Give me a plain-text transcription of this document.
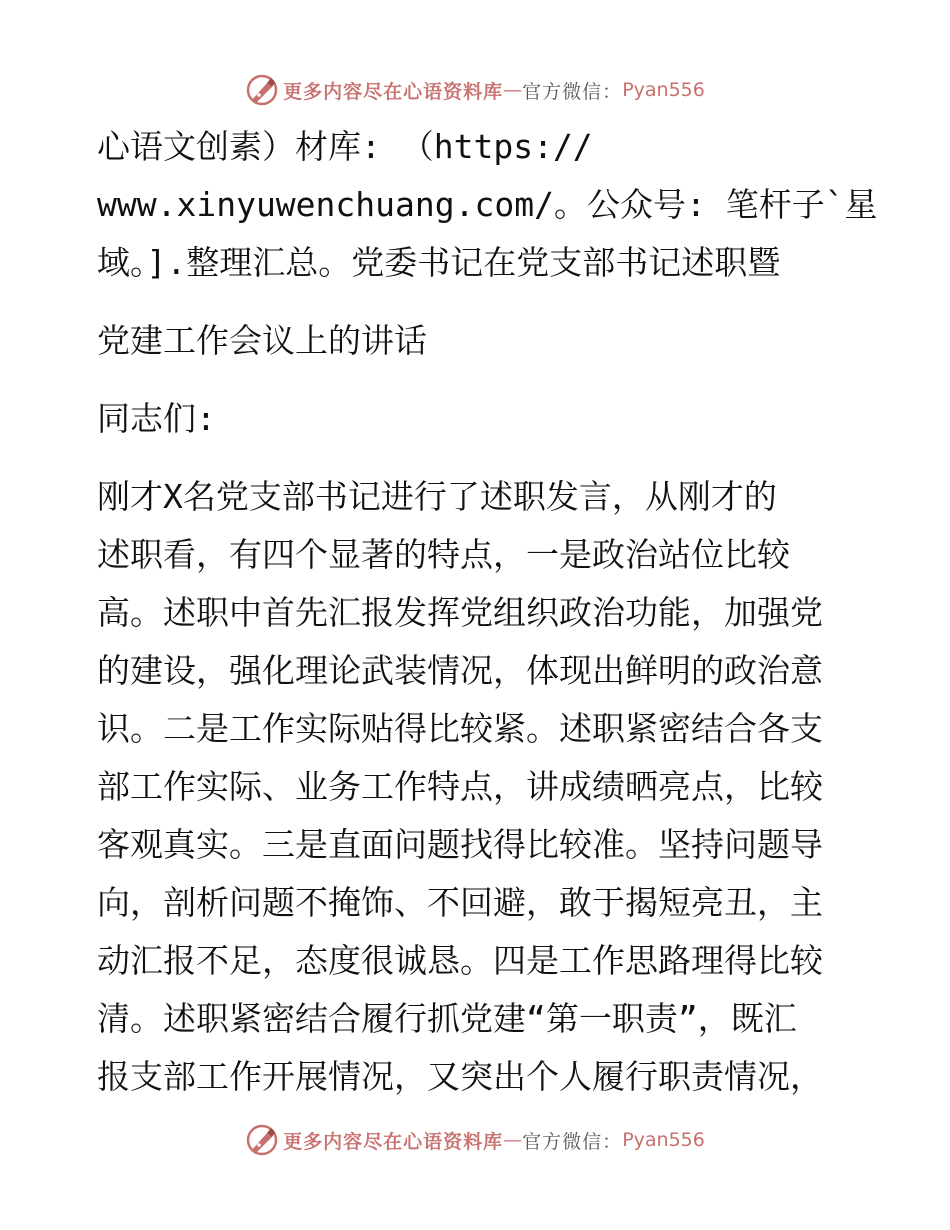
更多内容尽在心语资料库 — 官方微信： Pyan556
心语文创素）材库: （https://
www.xinyuwenchuang.com/。公众号: 笔杆子`星
域。].整理汇总。党委书记在党支部书记述职暨
党建工作会议上的讲话
同志们:
刚才X名党支部书记进行了述职发言，从刚才的
述职看，有四个显著的特点，一是政治站位比较
高。述职中首先汇报发挥党组织政治功能，加强党
的建设，强化理论武装情况，体现出鲜明的政治意
识。二是工作实际贴得比较紧。述职紧密结合各支
部工作实际、业务工作特点，讲成绩晒亮点，比较
客观真实。三是直面问题找得比较准。坚持问题导
向，剖析问题不掩饰、不回避，敢于揭短亮丑，主
动汇报不足，态度很诚恳。四是工作思路理得比较
清。述职紧密结合履行抓党建“第一职责”，既汇
报支部工作开展情况，又突出个人履行职责情况，
更多内容尽在心语资料库 — 官方微信： Pyan556
